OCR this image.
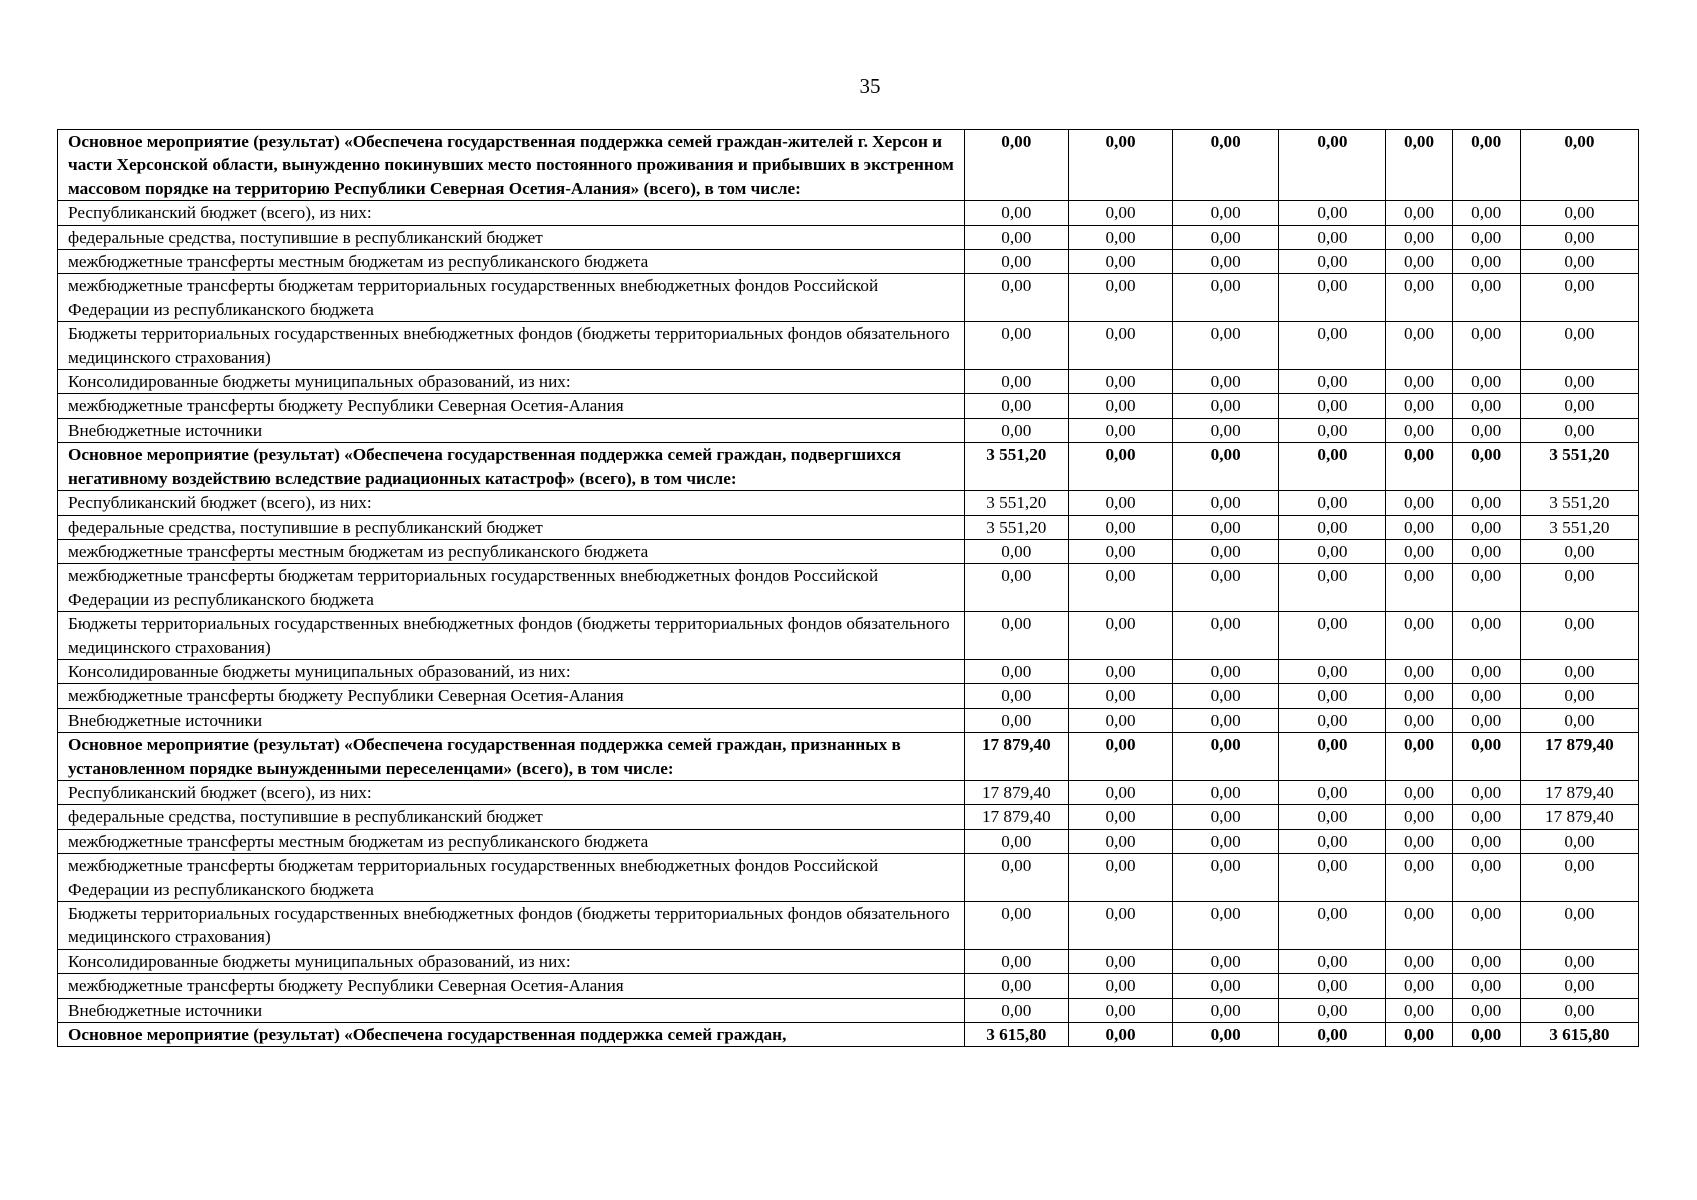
35
Основное мероприятие (результат) «Обеспечена государственная поддержка семей граждан-жителей г. Херсон и части Херсонской области, вынужденно покинувших место постоянного проживания и прибывших в экстренном массовом порядке на территорию Республики Северная Осетия-Алания» (всего), в том числе:	0,00	0,00	0,00	0,00	0,00	0,00	0,00
Республиканский бюджет (всего), из них:	0,00	0,00	0,00	0,00	0,00	0,00	0,00
федеральные средства, поступившие в республиканский бюджет	0,00	0,00	0,00	0,00	0,00	0,00	0,00
межбюджетные трансферты местным бюджетам из республиканского бюджета	0,00	0,00	0,00	0,00	0,00	0,00	0,00
межбюджетные трансферты бюджетам территориальных государственных внебюджетных фондов Российской Федерации из республиканского бюджета	0,00	0,00	0,00	0,00	0,00	0,00	0,00
Бюджеты территориальных государственных внебюджетных фондов (бюджеты территориальных фондов обязательного медицинского страхования)	0,00	0,00	0,00	0,00	0,00	0,00	0,00
Консолидированные бюджеты муниципальных образований, из них:	0,00	0,00	0,00	0,00	0,00	0,00	0,00
межбюджетные трансферты бюджету Республики Северная Осетия-Алания	0,00	0,00	0,00	0,00	0,00	0,00	0,00
Внебюджетные источники	0,00	0,00	0,00	0,00	0,00	0,00	0,00
Основное мероприятие (результат) «Обеспечена государственная поддержка семей граждан, подвергшихся негативному воздействию вследствие радиационных катастроф» (всего), в том числе:	3 551,20	0,00	0,00	0,00	0,00	0,00	3 551,20
Республиканский бюджет (всего), из них:	3 551,20	0,00	0,00	0,00	0,00	0,00	3 551,20
федеральные средства, поступившие в республиканский бюджет	3 551,20	0,00	0,00	0,00	0,00	0,00	3 551,20
межбюджетные трансферты местным бюджетам из республиканского бюджета	0,00	0,00	0,00	0,00	0,00	0,00	0,00
межбюджетные трансферты бюджетам территориальных государственных внебюджетных фондов Российской Федерации из республиканского бюджета	0,00	0,00	0,00	0,00	0,00	0,00	0,00
Бюджеты территориальных государственных внебюджетных фондов (бюджеты территориальных фондов обязательного медицинского страхования)	0,00	0,00	0,00	0,00	0,00	0,00	0,00
Консолидированные бюджеты муниципальных образований, из них:	0,00	0,00	0,00	0,00	0,00	0,00	0,00
межбюджетные трансферты бюджету Республики Северная Осетия-Алания	0,00	0,00	0,00	0,00	0,00	0,00	0,00
Внебюджетные источники	0,00	0,00	0,00	0,00	0,00	0,00	0,00
Основное мероприятие (результат) «Обеспечена государственная поддержка семей граждан, признанных в установленном порядке вынужденными переселенцами» (всего), в том числе:	17 879,40	0,00	0,00	0,00	0,00	0,00	17 879,40
Республиканский бюджет (всего), из них:	17 879,40	0,00	0,00	0,00	0,00	0,00	17 879,40
федеральные средства, поступившие в республиканский бюджет	17 879,40	0,00	0,00	0,00	0,00	0,00	17 879,40
межбюджетные трансферты местным бюджетам из республиканского бюджета	0,00	0,00	0,00	0,00	0,00	0,00	0,00
межбюджетные трансферты бюджетам территориальных государственных внебюджетных фондов Российской Федерации из республиканского бюджета	0,00	0,00	0,00	0,00	0,00	0,00	0,00
Бюджеты территориальных государственных внебюджетных фондов (бюджеты территориальных фондов обязательного медицинского страхования)	0,00	0,00	0,00	0,00	0,00	0,00	0,00
Консолидированные бюджеты муниципальных образований, из них:	0,00	0,00	0,00	0,00	0,00	0,00	0,00
межбюджетные трансферты бюджету Республики Северная Осетия-Алания	0,00	0,00	0,00	0,00	0,00	0,00	0,00
Внебюджетные источники	0,00	0,00	0,00	0,00	0,00	0,00	0,00
Основное мероприятие (результат) «Обеспечена государственная поддержка семей граждан,	3 615,80	0,00	0,00	0,00	0,00	0,00	3 615,80
